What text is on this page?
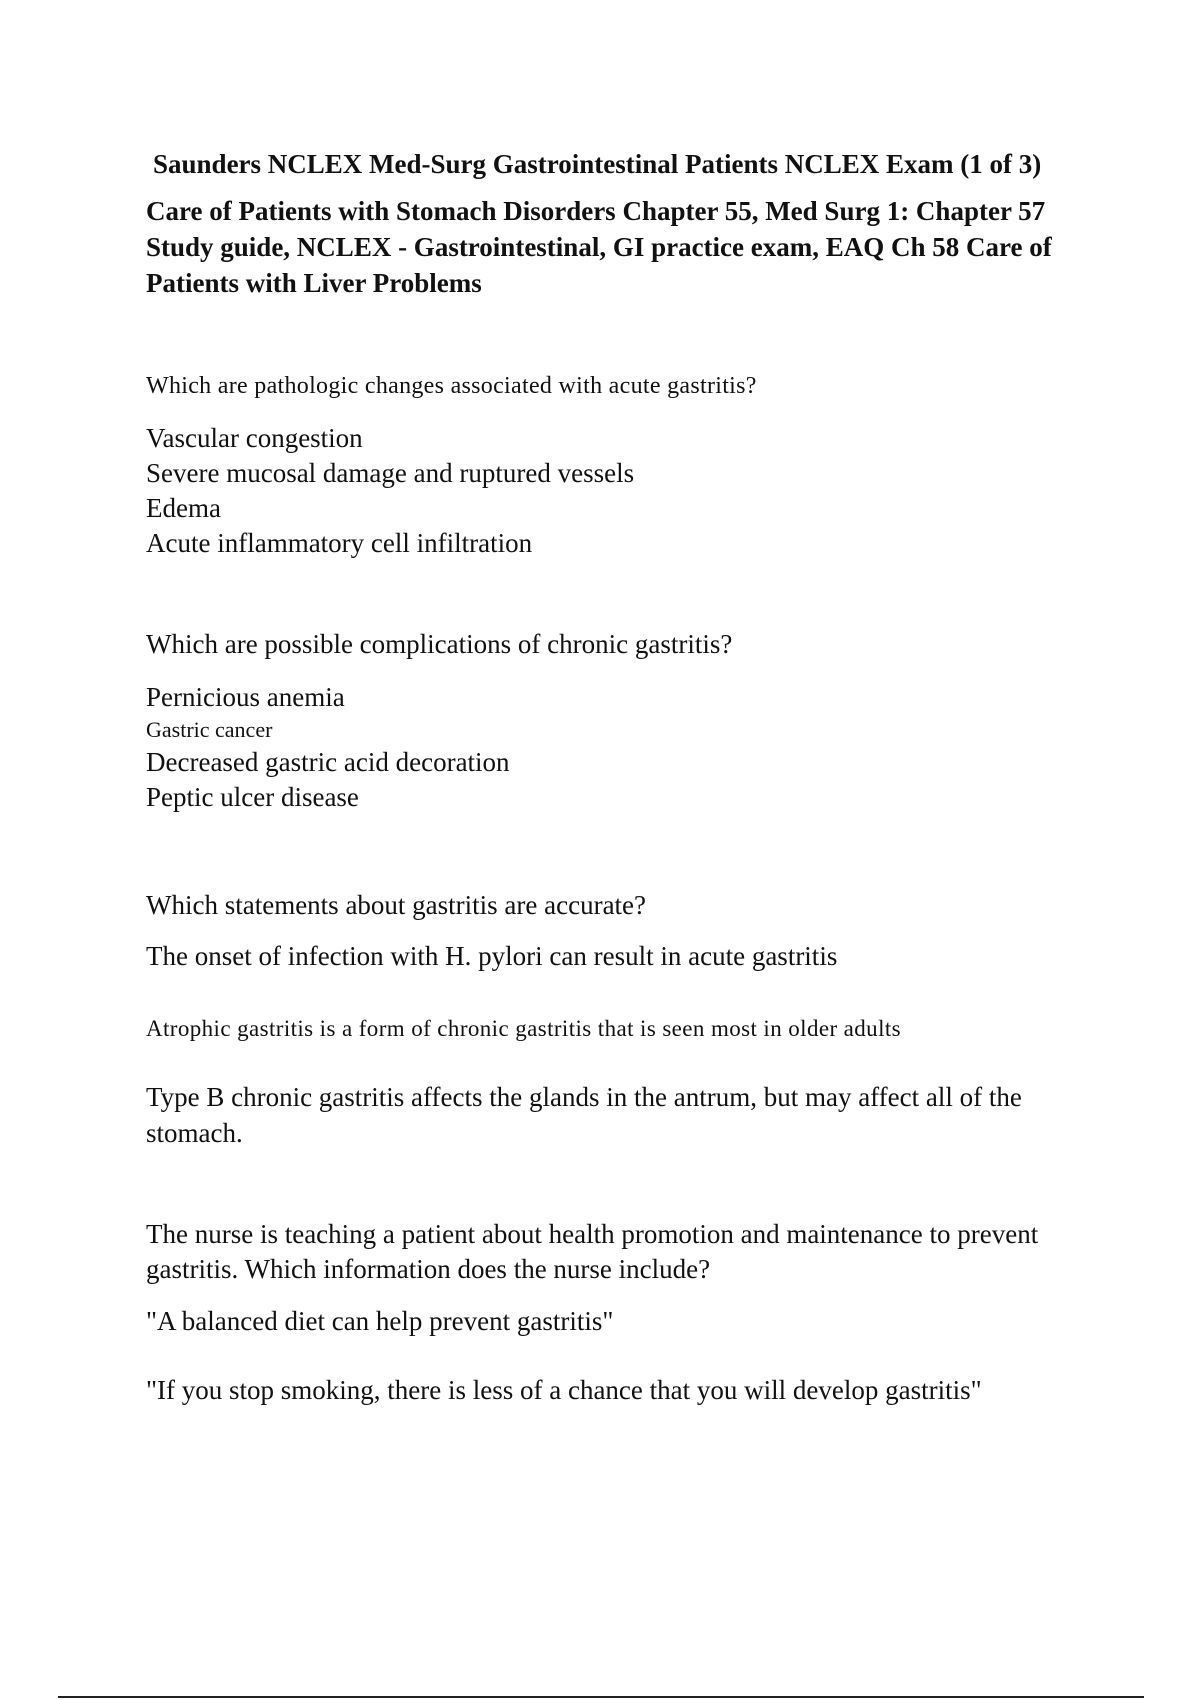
Saunders NCLEX Med-Surg Gastrointestinal Patients NCLEX Exam (1 of 3)
Care of Patients with Stomach Disorders Chapter 55, Med Surg 1: Chapter 57 Study guide, NCLEX - Gastrointestinal, GI practice exam, EAQ Ch 58 Care of Patients with Liver Problems

Which are pathologic changes associated with acute gastritis?

Vascular congestion
Severe mucosal damage and ruptured vessels
Edema
Acute inflammatory cell infiltration

Which are possible complications of chronic gastritis?

Pernicious anemia
Gastric cancer
Decreased gastric acid decoration
Peptic ulcer disease

Which statements about gastritis are accurate?

The onset of infection with H. pylori can result in acute gastritis

Atrophic gastritis is a form of chronic gastritis that is seen most in older adults

Type B chronic gastritis affects the glands in the antrum, but may affect all of the stomach.

The nurse is teaching a patient about health promotion and maintenance to prevent gastritis. Which information does the nurse include?

"A balanced diet can help prevent gastritis"

"If you stop smoking, there is less of a chance that you will develop gastritis"
